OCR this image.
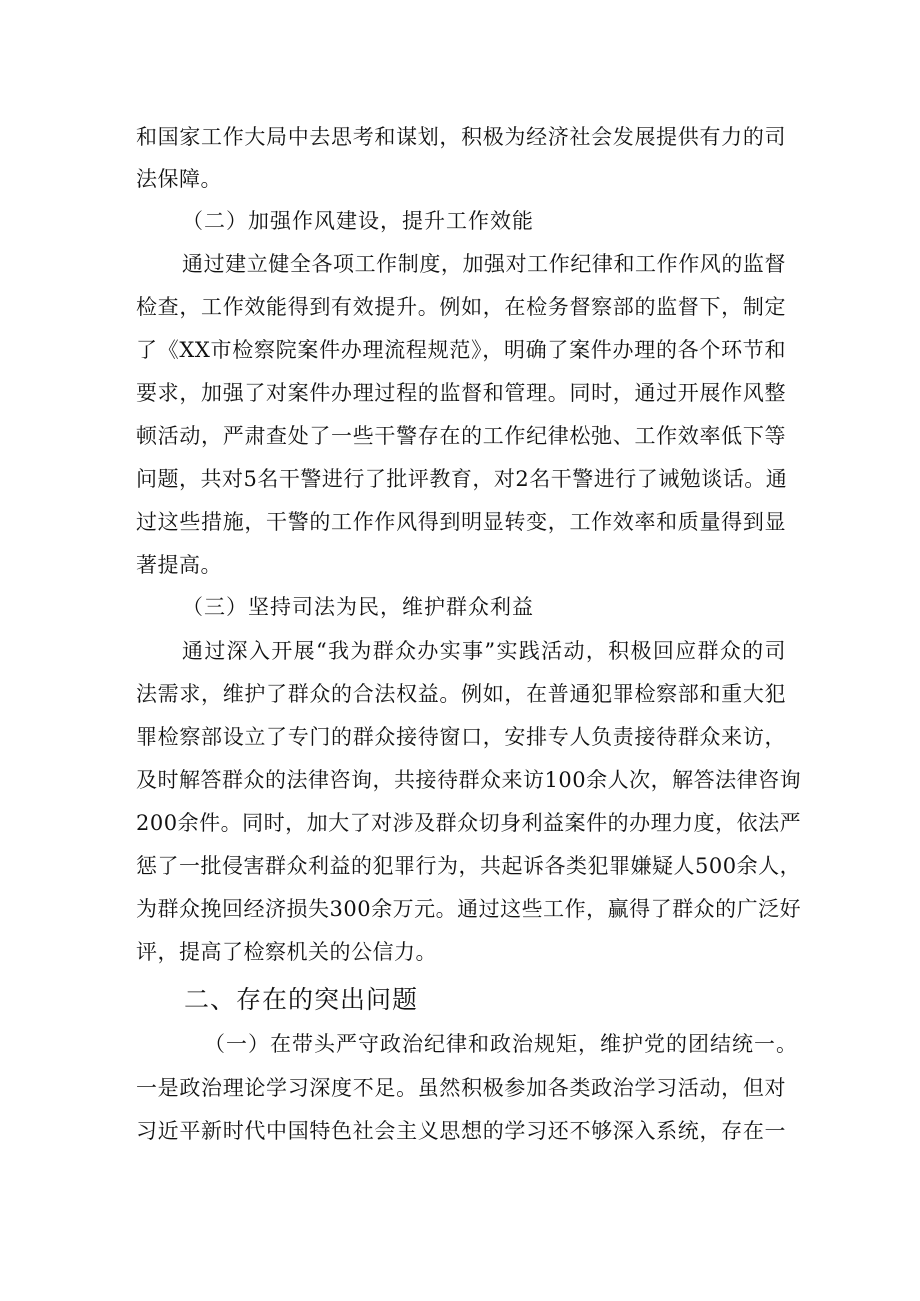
和国家工作大局中去思考和谋划，积极为经济社会发展提供有力的司
法保障。
（二）加强作风建设，提升工作效能
通过建立健全各项工作制度，加强对工作纪律和工作作风的监督
检查，工作效能得到有效提升。例如，在检务督察部的监督下，制定
了《XX市检察院案件办理流程规范》，明确了案件办理的各个环节和
要求，加强了对案件办理过程的监督和管理。同时，通过开展作风整
顿活动，严肃查处了一些干警存在的工作纪律松弛、工作效率低下等
问题，共对5名干警进行了批评教育，对2名干警进行了诫勉谈话。通
过这些措施，干警的工作作风得到明显转变，工作效率和质量得到显
著提高。
（三）坚持司法为民，维护群众利益
通过深入开展“我为群众办实事”实践活动，积极回应群众的司
法需求，维护了群众的合法权益。例如，在普通犯罪检察部和重大犯
罪检察部设立了专门的群众接待窗口，安排专人负责接待群众来访，
及时解答群众的法律咨询，共接待群众来访100余人次，解答法律咨询
200余件。同时，加大了对涉及群众切身利益案件的办理力度，依法严
惩了一批侵害群众利益的犯罪行为，共起诉各类犯罪嫌疑人500余人，
为群众挽回经济损失300余万元。通过这些工作，赢得了群众的广泛好
评，提高了检察机关的公信力。
二、存在的突出问题
（一）在带头严守政治纪律和政治规矩，维护党的团结统一。
一是政治理论学习深度不足。虽然积极参加各类政治学习活动，但对
习近平新时代中国特色社会主义思想的学习还不够深入系统，存在一
